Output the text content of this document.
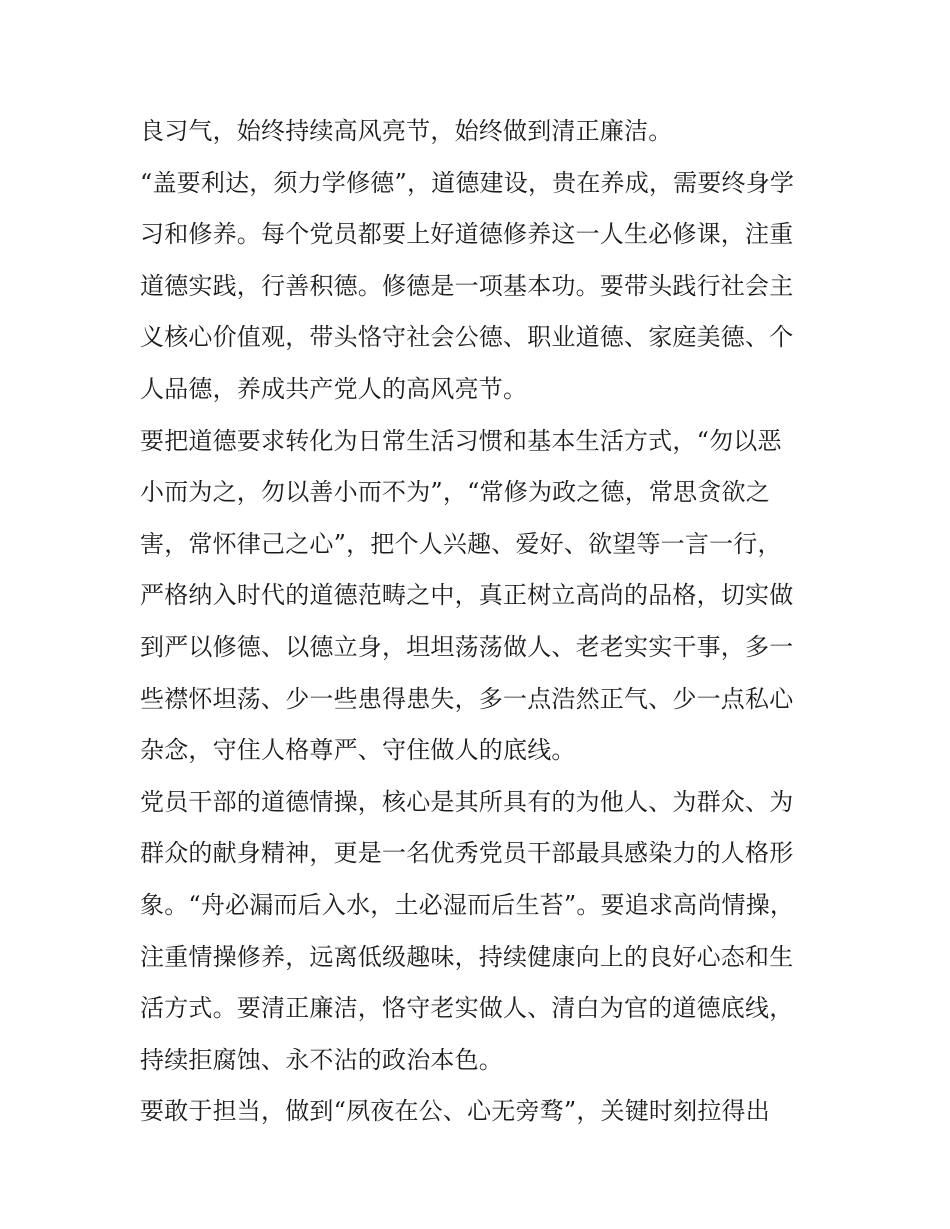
良习气，始终持续高风亮节，始终做到清正廉洁。
“盖要利达，须力学修德”，道德建设，贵在养成，需要终身学
习和修养。每个党员都要上好道德修养这一人生必修课，注重
道德实践，行善积德。修德是一项基本功。要带头践行社会主
义核心价值观，带头恪守社会公德、职业道德、家庭美德、个
人品德，养成共产党人的高风亮节。
要把道德要求转化为日常生活习惯和基本生活方式，“勿以恶
小而为之，勿以善小而不为”，“常修为政之德，常思贪欲之
害，常怀律己之心”，把个人兴趣、爱好、欲望等一言一行，
严格纳入时代的道德范畴之中，真正树立高尚的品格，切实做
到严以修德、以德立身，坦坦荡荡做人、老老实实干事，多一
些襟怀坦荡、少一些患得患失，多一点浩然正气、少一点私心
杂念，守住人格尊严、守住做人的底线。
党员干部的道德情操，核心是其所具有的为他人、为群众、为
群众的献身精神，更是一名优秀党员干部最具感染力的人格形
象。“舟必漏而后入水，土必湿而后生苔”。要追求高尚情操，
注重情操修养，远离低级趣味，持续健康向上的良好心态和生
活方式。要清正廉洁，恪守老实做人、清白为官的道德底线，
持续拒腐蚀、永不沾的政治本色。
要敢于担当，做到“夙夜在公、心无旁骛”，关键时刻拉得出
